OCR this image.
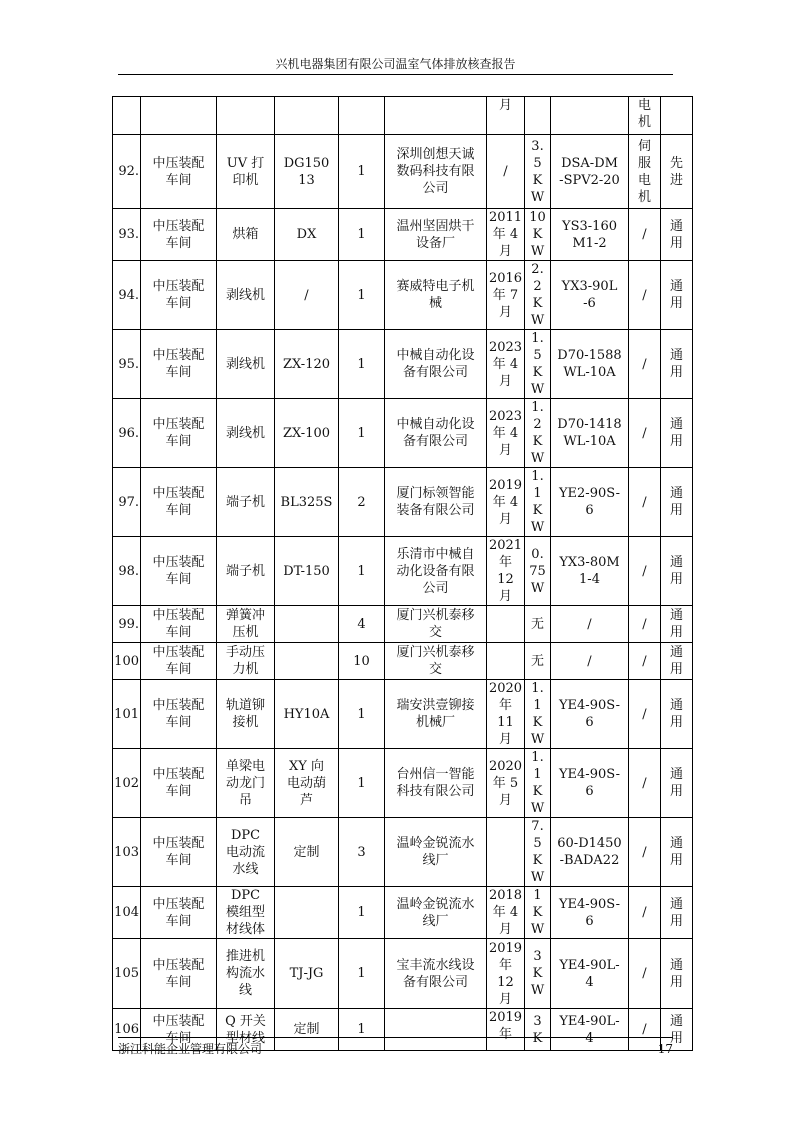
兴机电器集团有限公司温室气体排放核查报告
						月			电
机	

92.	中压装配
车间	UV 打
印机	DG150
13	1	深圳创想天诚
数码科技有限
公司	/	3.
5
K
W	DSA-DM
-SPV2-20	伺
服
电
机	先
进

93.	中压装配
车间	烘箱	DX	1	温州坚固烘干
设备厂	2011
年 4
月	10
K
W	YS3-160
M1-2	/	通
用

94.	中压装配
车间	剥线机	/	1	赛威特电子机
械	2016
年 7
月	2.
2
K
W	YX3-90L
-6	/	通
用

95.	中压装配
车间	剥线机	ZX-120	1	中械自动化设
备有限公司	2023
年 4
月	1.
5
K
W	D70-1588
WL-10A	/	通
用

96.	中压装配
车间	剥线机	ZX-100	1	中械自动化设
备有限公司	2023
年 4
月	1.
2
K
W	D70-1418
WL-10A	/	通
用

97.	中压装配
车间	端子机	BL325S	2	厦门标领智能
装备有限公司	2019
年 4
月	1.
1
K
W	YE2-90S-
6	/	通
用

98.	中压装配
车间	端子机	DT-150	1	乐清市中械自
动化设备有限
公司	2021
年
12
月	0.
75
W	YX3-80M
1-4	/	通
用

99.	中压装配
车间	弹簧冲
压机		4	厦门兴机泰移
交		无	/	/	通
用

100	中压装配
车间	手动压
力机		10	厦门兴机泰移
交		无	/	/	通
用

101	中压装配
车间	轨道铆
接机	HY10A	1	瑞安洪壹铆接
机械厂	2020
年
11
月	1.
1
K
W	YE4-90S-
6	/	通
用

102	中压装配
车间	单梁电
动龙门
吊	XY 向
电动葫
芦	1	台州信一智能
科技有限公司	2020
年 5
月	1.
1
K
W	YE4-90S-
6	/	通
用

103	中压装配
车间	DPC
电动流
水线	定制	3	温岭金锐流水
线厂		7.
5
K
W	60-D1450
-BADA22	/	通
用

104	中压装配
车间	DPC
模组型
材线体		1	温岭金锐流水
线厂	2018
年 4
月	1
K
W	YE4-90S-
6	/	通
用

105	中压装配
车间	推进机
构流水
线	TJ-JG	1	宝丰流水线设
备有限公司	2019
年
12
月	3
K
W	YE4-90L-
4	/	通
用

106	中压装配
车间	Q 开关
型材线	定制	1		2019
年	3
K	YE4-90L-
4	/	通
用
浙江科能企业管理有限公司	17
